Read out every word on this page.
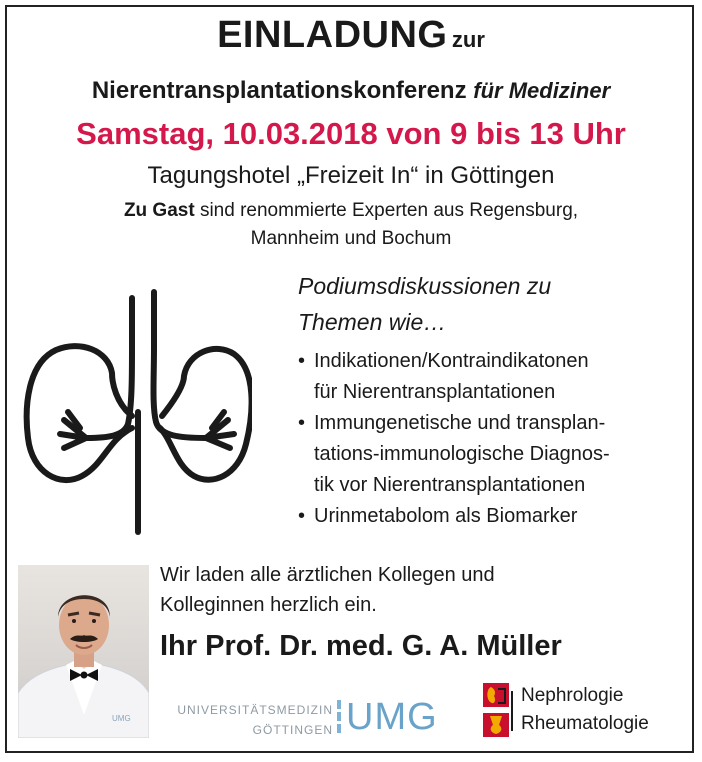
EINLADUNG zur
Nierentransplantationskonferenz für Mediziner
Samstag, 10.03.2018 von 9 bis 13 Uhr
Tagungshotel „Freizeit In“ in Göttingen
Zu Gast sind renommierte Experten aus Regensburg,
Mannheim und Bochum
Podiumsdiskussionen zu
Themen wie…
• Indikationen/Kontraindikatonen
für Nierentransplantationen
• Immungenetische und transplan-
tations-immunologische Diagnos-
tik vor Nierentransplantationen
• Urinmetabolom als Biomarker
UMG
Wir laden alle ärztlichen Kollegen und
Kolleginnen herzlich ein.
Ihr Prof. Dr. med. G. A. Müller
UNIVERSITÄTSMEDIZIN
GÖTTINGEN UMG
Nephrologie
Rheumatologie
